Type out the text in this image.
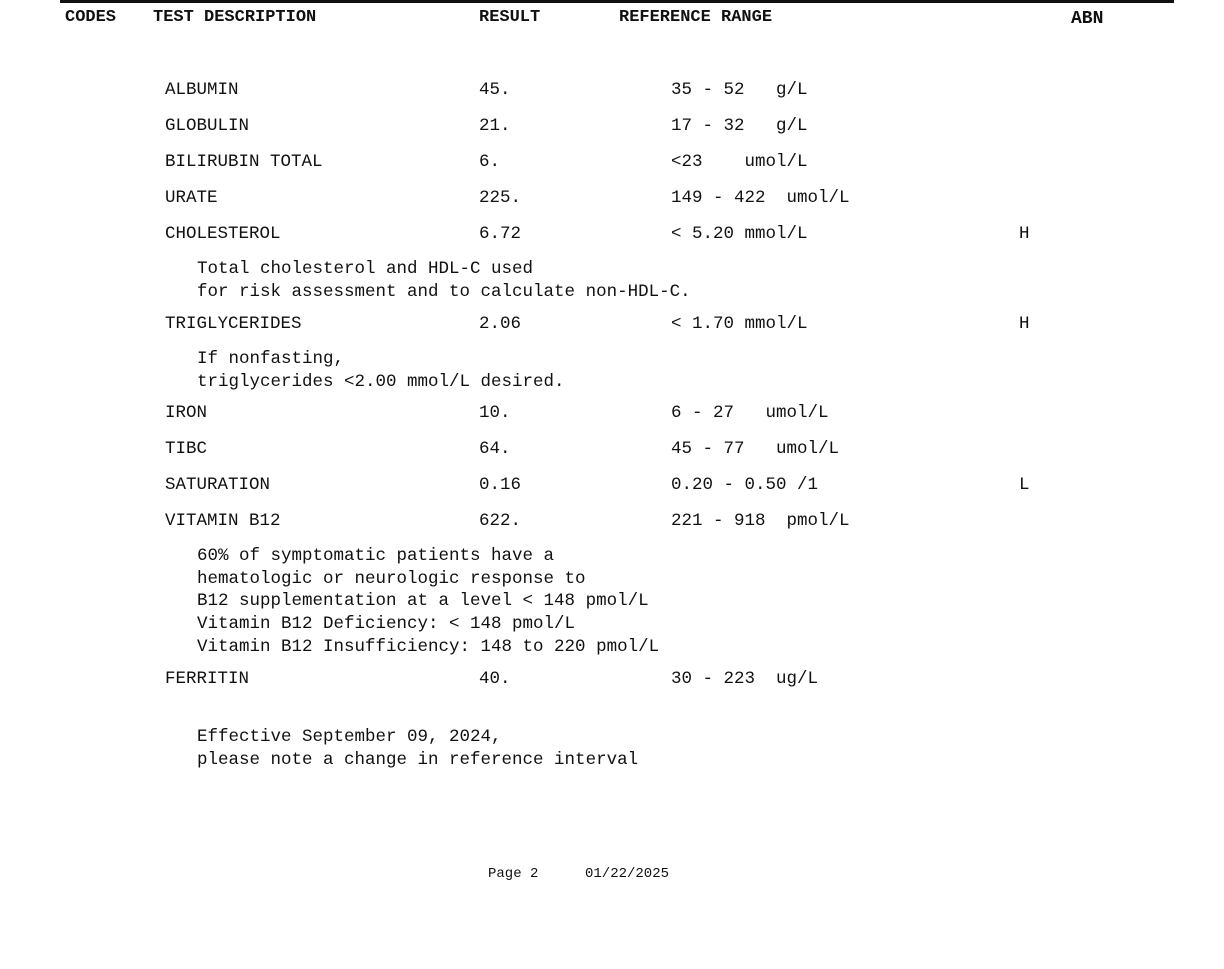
CODES TEST DESCRIPTION	RESULT	REFERENCE RANGE	ABN
ALBUMIN	45.	35 - 52   g/L
GLOBULIN	21.	17 - 32   g/L
BILIRUBIN TOTAL	6.	<23    umol/L
URATE	225.	149 - 422  umol/L
CHOLESTEROL	6.72	< 5.20 mmol/L	H
Total cholesterol and HDL-C used
for risk assessment and to calculate non-HDL-C.
TRIGLYCERIDES	2.06	< 1.70 mmol/L	H
If nonfasting,
triglycerides <2.00 mmol/L desired.
IRON	10.	6 - 27   umol/L
TIBC	64.	45 - 77   umol/L
SATURATION	0.16	0.20 - 0.50 /1	L
VITAMIN B12	622.	221 - 918  pmol/L
60% of symptomatic patients have a
hematologic or neurologic response to
B12 supplementation at a level < 148 pmol/L
Vitamin B12 Deficiency: < 148 pmol/L
Vitamin B12 Insufficiency: 148 to 220 pmol/L
FERRITIN	40.	30 - 223  ug/L
Effective September 09, 2024,
please note a change in reference interval
Page 2	01/22/2025
